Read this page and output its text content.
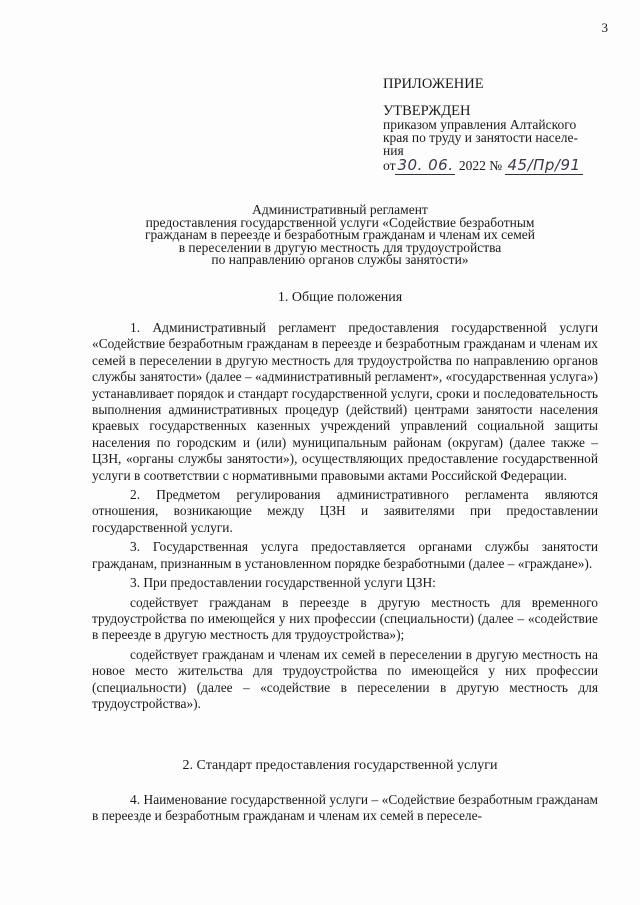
3
ПРИЛОЖЕНИЕ
УТВЕРЖДЕН
приказом управления Алтайского
края по труду и занятости населе-
ния
от 30. 06. 2022 № 45/Пр/91
Административный регламент
предоставления государственной услуги «Содействие безработным
гражданам в переезде и безработным гражданам и членам их семей
в переселении в другую местность для трудоустройства
по направлению органов службы занятости»
1. Общие положения

1. Административный регламент предоставления государственной услуги «Содействие безработным гражданам в переезде и безработным гражданам и членам их семей в переселении в другую местность для трудоустройства по направлению органов службы занятости» (далее – «административный регламент», «государственная услуга») устанавливает порядок и стандарт государственной услуги, сроки и последовательность выполнения административных процедур (действий) центрами занятости населения краевых государственных казенных учреждений управлений социальной защиты населения по городским и (или) муниципальным районам (округам) (далее также – ЦЗН, «органы службы занятости»), осуществляющих предоставление государственной услуги в соответствии с нормативными правовыми актами Российской Федерации.

2. Предметом регулирования административного регламента являются отношения, возникающие между ЦЗН и заявителями при предоставлении государственной услуги.

3. Государственная услуга предоставляется органами службы занятости гражданам, признанным в установленном порядке безработными (далее – «граждане»).

3. При предоставлении государственной услуги ЦЗН:

содействует гражданам в переезде в другую местность для временного трудоустройства по имеющейся у них профессии (специальности) (далее – «содействие в переезде в другую местность для трудоустройства»);

содействует гражданам и членам их семей в переселении в другую местность на новое место жительства для трудоустройства по имеющейся у них профессии (специальности) (далее – «содействие в переселении в другую местность для трудоустройства»).

2. Стандарт предоставления государственной услуги

4. Наименование государственной услуги – «Содействие безработным гражданам в переезде и безработным гражданам и членам их семей в переселе-
